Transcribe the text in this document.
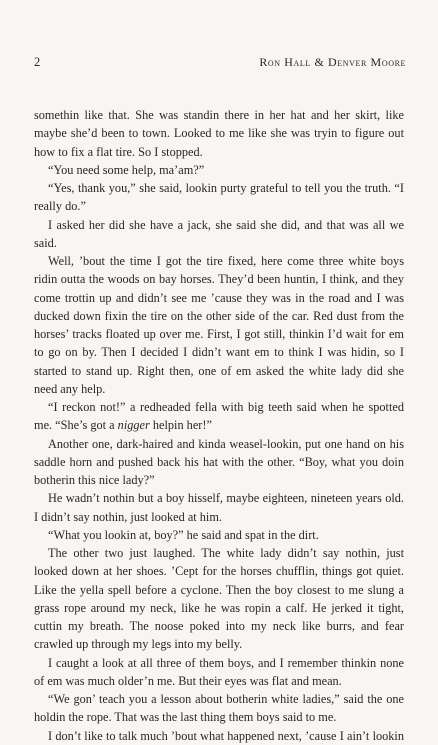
2	Ron Hall & Denver Moore

somethin like that. She was standin there in her hat and her skirt, like maybe she’d been to town. Looked to me like she was tryin to figure out how to fix a flat tire. So I stopped.

“You need some help, ma’am?”

“Yes, thank you,” she said, lookin purty grateful to tell you the truth. “I really do.”

I asked her did she have a jack, she said she did, and that was all we said.

Well, ’bout the time I got the tire fixed, here come three white boys ridin outta the woods on bay horses. They’d been huntin, I think, and they come trottin up and didn’t see me ’cause they was in the road and I was ducked down fixin the tire on the other side of the car. Red dust from the horses’ tracks floated up over me. First, I got still, thinkin I’d wait for em to go on by. Then I decided I didn’t want em to think I was hidin, so I started to stand up. Right then, one of em asked the white lady did she need any help.

“I reckon not!” a redheaded fella with big teeth said when he spotted me. “She’s got a nigger helpin her!”

Another one, dark-haired and kinda weasel-lookin, put one hand on his saddle horn and pushed back his hat with the other. “Boy, what you doin botherin this nice lady?”

He wadn’t nothin but a boy hisself, maybe eighteen, nineteen years old. I didn’t say nothin, just looked at him.

“What you lookin at, boy?” he said and spat in the dirt.

The other two just laughed. The white lady didn’t say nothin, just looked down at her shoes. ’Cept for the horses chufflin, things got quiet. Like the yella spell before a cyclone. Then the boy closest to me slung a grass rope around my neck, like he was ropin a calf. He jerked it tight, cuttin my breath. The noose poked into my neck like burrs, and fear crawled up through my legs into my belly.

I caught a look at all three of them boys, and I remember thinkin none of em was much older’n me. But their eyes was flat and mean.

“We gon’ teach you a lesson about botherin white ladies,” said the one holdin the rope. That was the last thing them boys said to me.

I don’t like to talk much ’bout what happened next, ’cause I ain’t lookin
